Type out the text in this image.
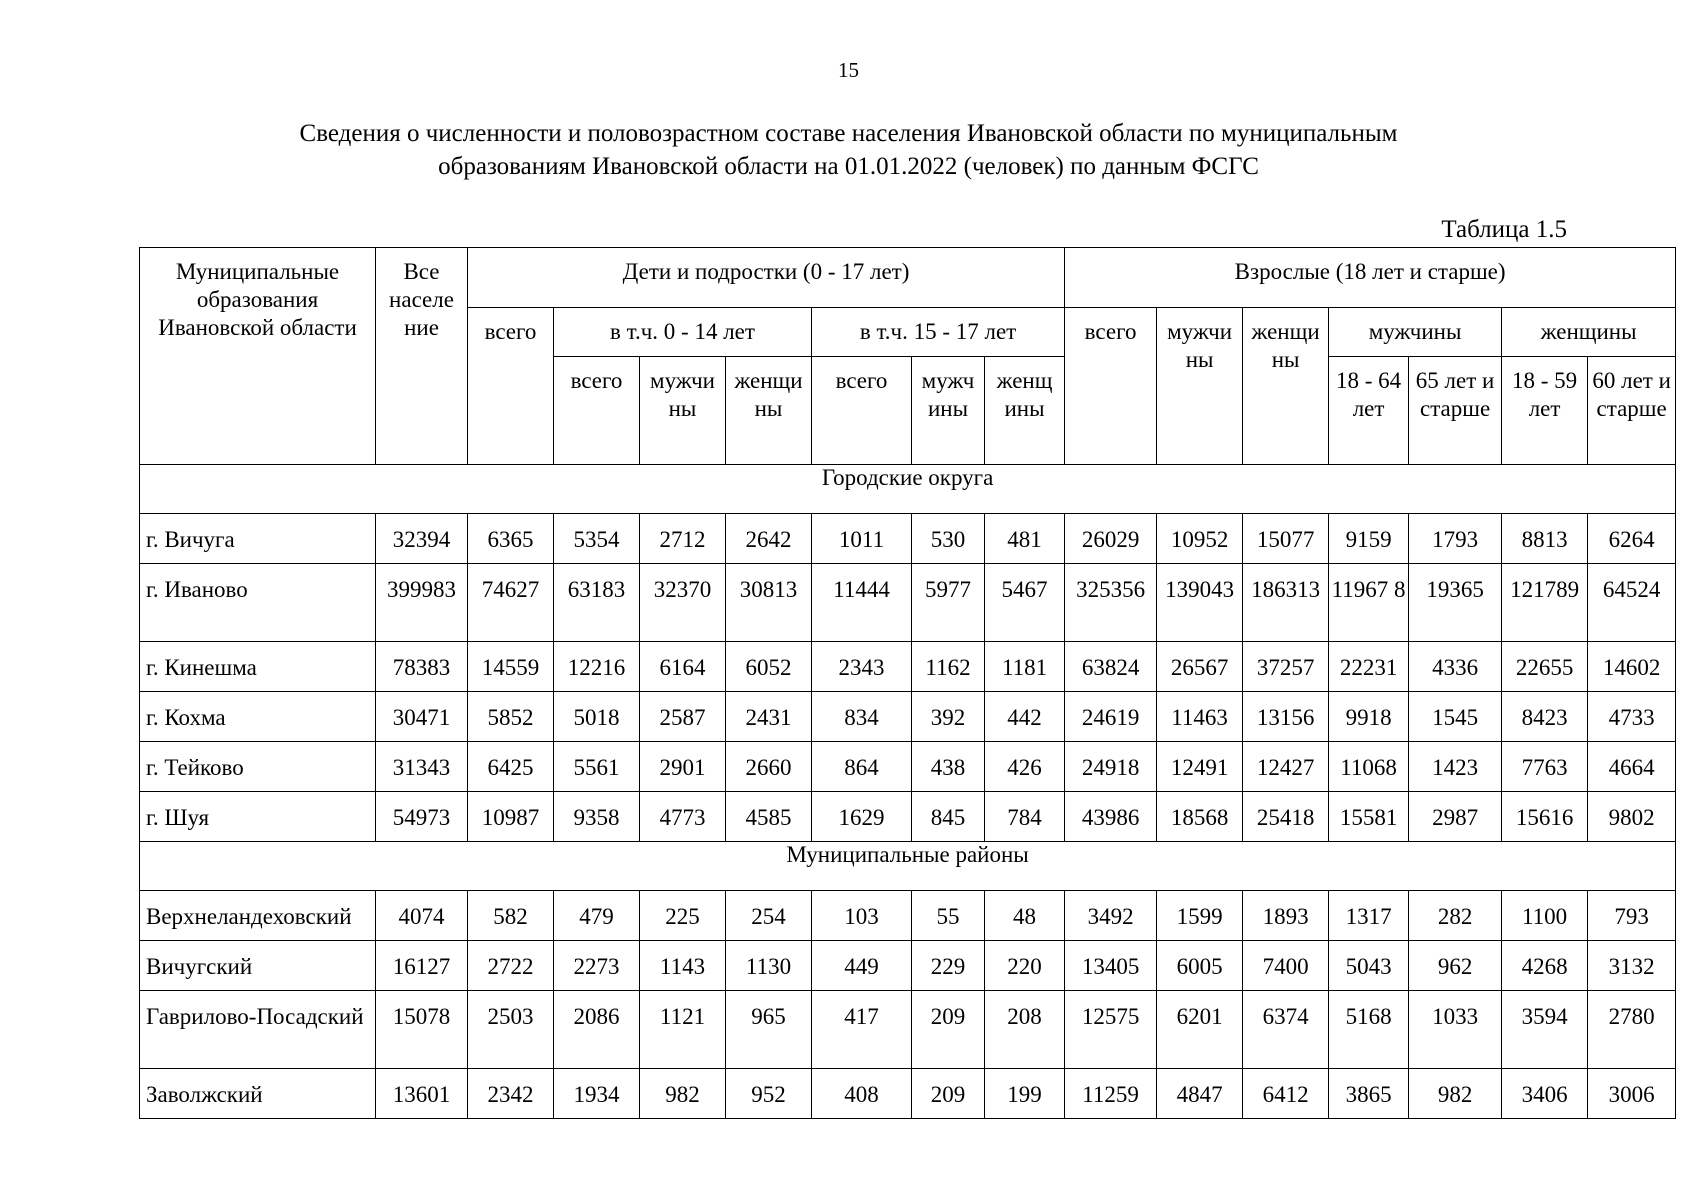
15
Сведения о численности и половозрастном составе населения Ивановской области по муниципальным
образованиям Ивановской области на 01.01.2022 (человек) по данным ФСГС
Таблица 1.5
Муниципальные образования Ивановской области	Все населе ние	Дети и подростки (0 - 17 лет)							Взрослые (18 лет и старше)						
		всего	в т.ч. 0 - 14 лет			в т.ч. 15 - 17 лет			всего	мужчи ны	женщи ны	мужчины		женщины	
			всего	мужчи ны	женщи ны	всего	мужч ины	женщ ины				18 - 64 лет	65 лет и старше	18 - 59 лет	60 лет и старше
Городские округа															
г. Вичуга	32394	6365	5354	2712	2642	1011	530	481	26029	10952	15077	9159	1793	8813	6264
г. Иваново	399983	74627	63183	32370	30813	11444	5977	5467	325356	139043	186313	11967 8	19365	121789	64524
г. Кинешма	78383	14559	12216	6164	6052	2343	1162	1181	63824	26567	37257	22231	4336	22655	14602
г. Кохма	30471	5852	5018	2587	2431	834	392	442	24619	11463	13156	9918	1545	8423	4733
г. Тейково	31343	6425	5561	2901	2660	864	438	426	24918	12491	12427	11068	1423	7763	4664
г. Шуя	54973	10987	9358	4773	4585	1629	845	784	43986	18568	25418	15581	2987	15616	9802
Муниципальные районы															
Верхнеландеховский	4074	582	479	225	254	103	55	48	3492	1599	1893	1317	282	1100	793
Вичугский	16127	2722	2273	1143	1130	449	229	220	13405	6005	7400	5043	962	4268	3132
Гаврилово-Посадский	15078	2503	2086	1121	965	417	209	208	12575	6201	6374	5168	1033	3594	2780
Заволжский	13601	2342	1934	982	952	408	209	199	11259	4847	6412	3865	982	3406	3006
